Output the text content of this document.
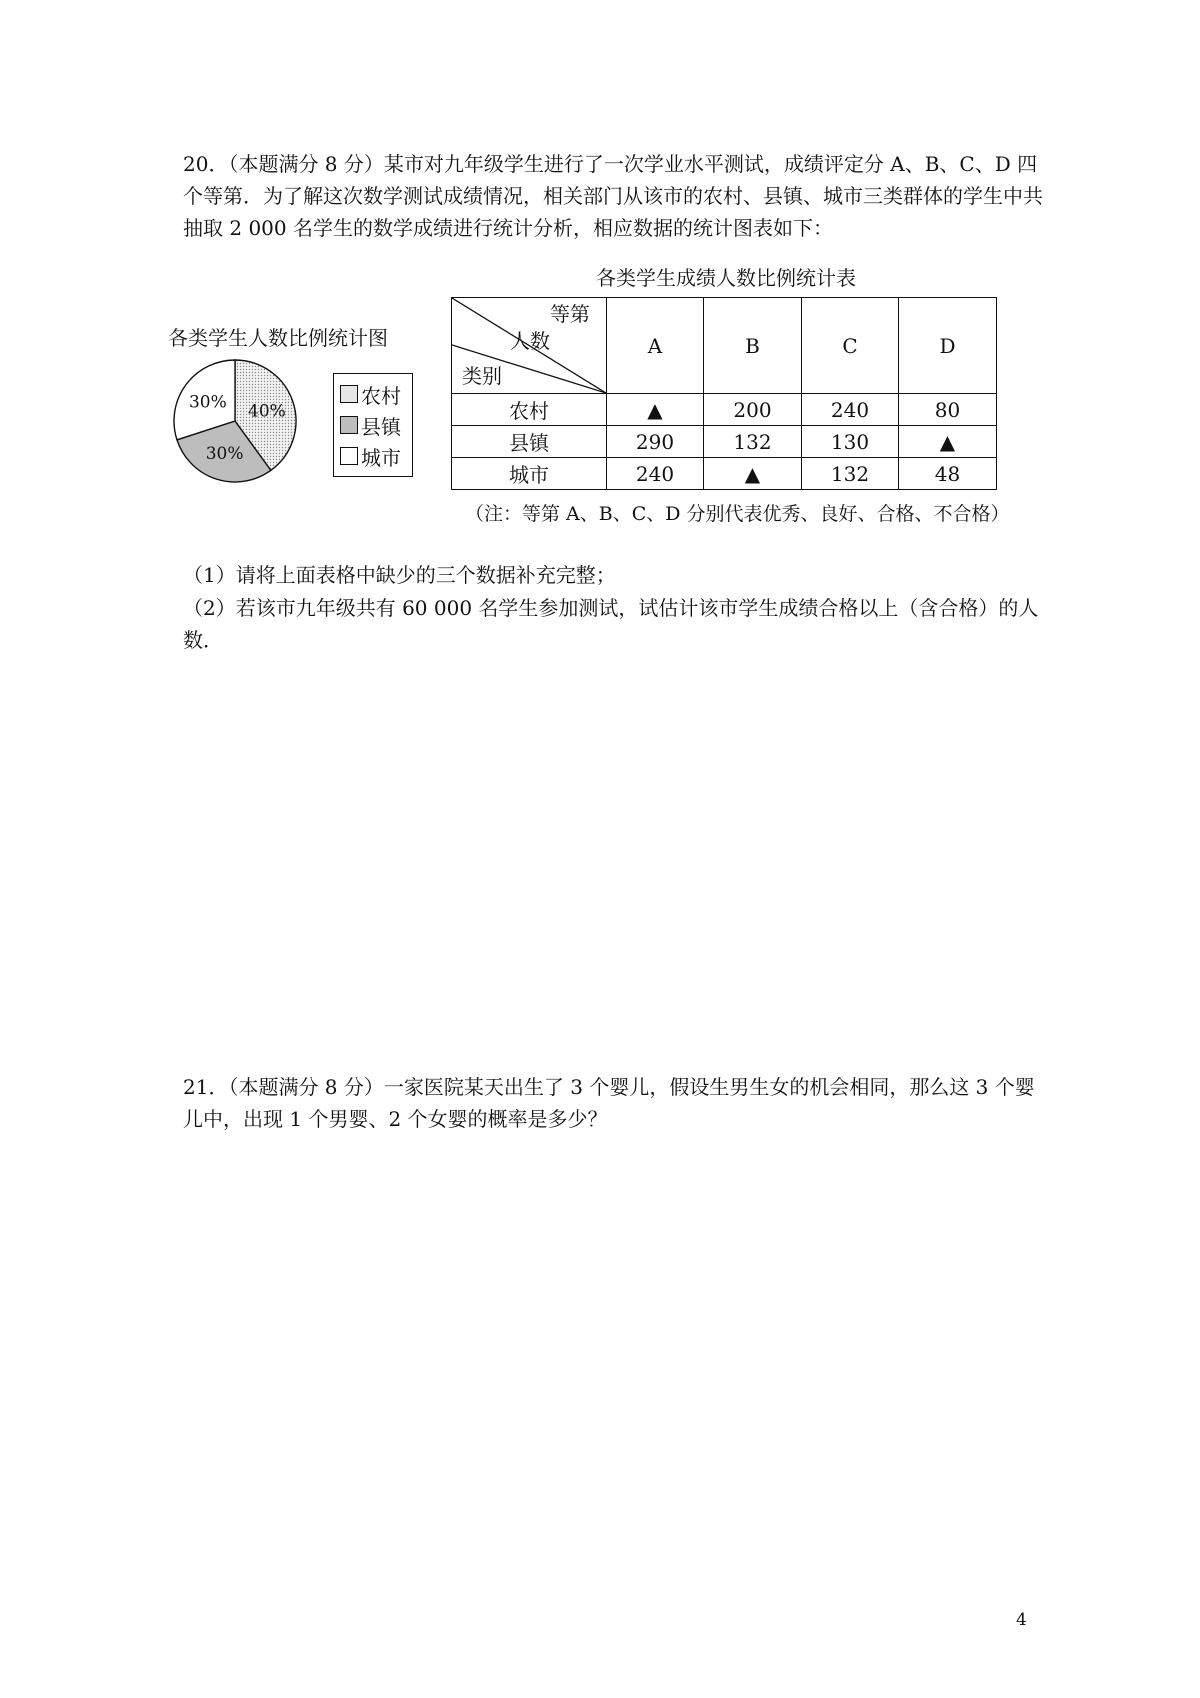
20．（本题满分 8 分）某市对九年级学生进行了一次学业水平测试，成绩评定分 A、B、C、D 四个等第．为了解这次数学测试成绩情况，相关部门从该市的农村、县镇、城市三类群体的学生中共抽取 2 000 名学生的数学成绩进行统计分析，相应数据的统计图表如下：

各类学生人数比例统计图
40%
30%
30%	农村
县镇
城市
各类学生成绩人数比例统计表
等第
人数
类别	A	B	C	D
农村	▲	200	240	80
县镇	290	132	130	▲
城市	240	▲	132	48
（注：等第 A、B、C、D 分别代表优秀、良好、合格、不合格）

（1）请将上面表格中缺少的三个数据补充完整；

（2）若该市九年级共有 60 000 名学生参加测试，试估计该市学生成绩合格以上（含合格）的人数．

21．（本题满分 8 分）一家医院某天出生了 3 个婴儿，假设生男生女的机会相同，那么这 3 个婴儿中，出现 1 个男婴、2 个女婴的概率是多少？

4
